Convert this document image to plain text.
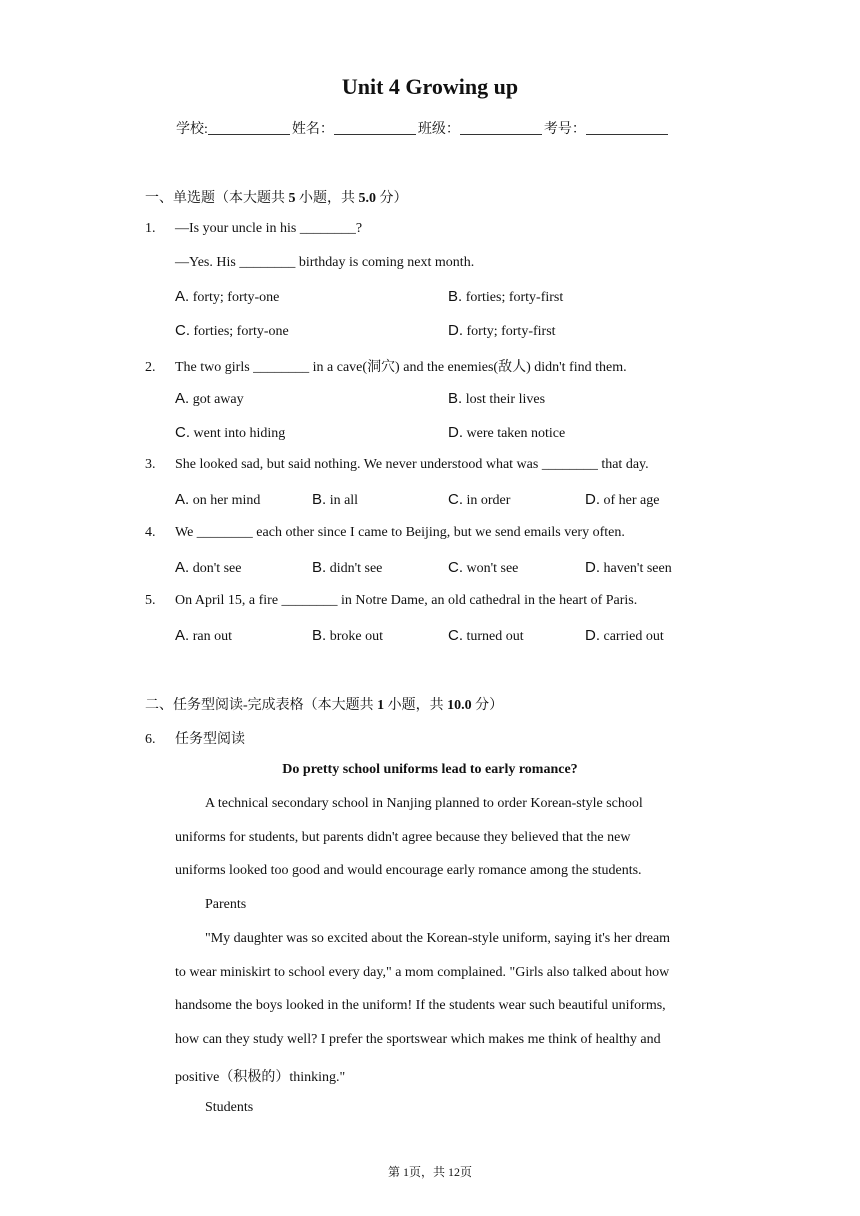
Unit 4 Growing up
学校:	姓名：	班级：	考号：
一、单选题（本大题共 5 小题，共 5.0 分）
1. —Is your uncle in his ________?
—Yes. His ________ birthday is coming next month.
A. forty; forty-one	B. forties; forty-first
C. forties; forty-one	D. forty; forty-first
2. The two girls ________ in a cave(洞穴) and the enemies(敌人) didn't find them.
A. got away	B. lost their lives
C. went into hiding	D. were taken notice
3. She looked sad, but said nothing. We never understood what was ________ that day.
A. on her mind	B. in all	C. in order	D. of her age
4. We ________ each other since I came to Beijing, but we send emails very often.
A. don't see	B. didn't see	C. won't see	D. haven't seen
5. On April 15, a fire ________ in Notre Dame, an old cathedral in the heart of Paris.
A. ran out	B. broke out	C. turned out	D. carried out
二、任务型阅读-完成表格（本大题共 1 小题，共 10.0 分）
6. 任务型阅读
Do pretty school uniforms lead to early romance?
A technical secondary school in Nanjing planned to order Korean-style school
uniforms for students, but parents didn't agree because they believed that the new
uniforms looked too good and would encourage early romance among the students.
Parents
"My daughter was so excited about the Korean-style uniform, saying it's her dream
to wear miniskirt to school every day," a mom complained. "Girls also talked about how
handsome the boys looked in the uniform! If the students wear such beautiful uniforms,
how can they study well? I prefer the sportswear which makes me think of healthy and
positive（积极的）thinking."
Students
第 1页，共 12页
